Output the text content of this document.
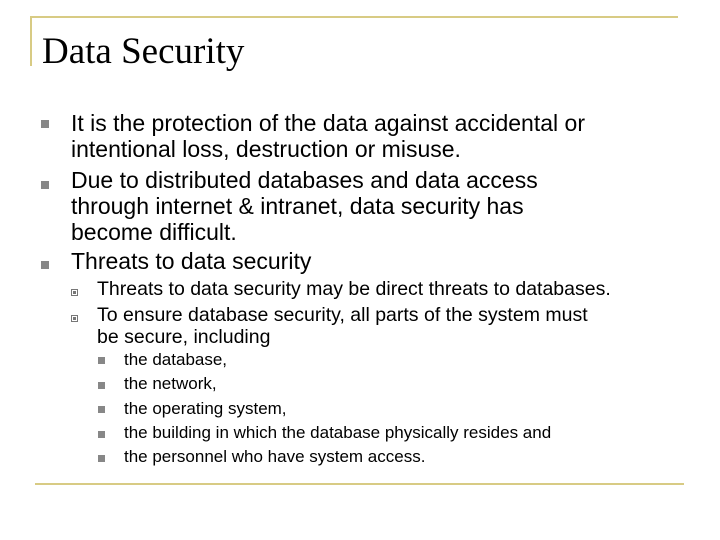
Data Security
It is the protection of the data against accidental or
intentional loss, destruction or misuse.
Due to distributed databases and data access
through internet & intranet, data security has
become difficult.
Threats to data security
Threats to data security may be direct threats to databases.
To ensure database security, all parts of the system must
be secure, including
the database,
the network,
the operating system,
the building in which the database physically resides and
the personnel who have system access.
